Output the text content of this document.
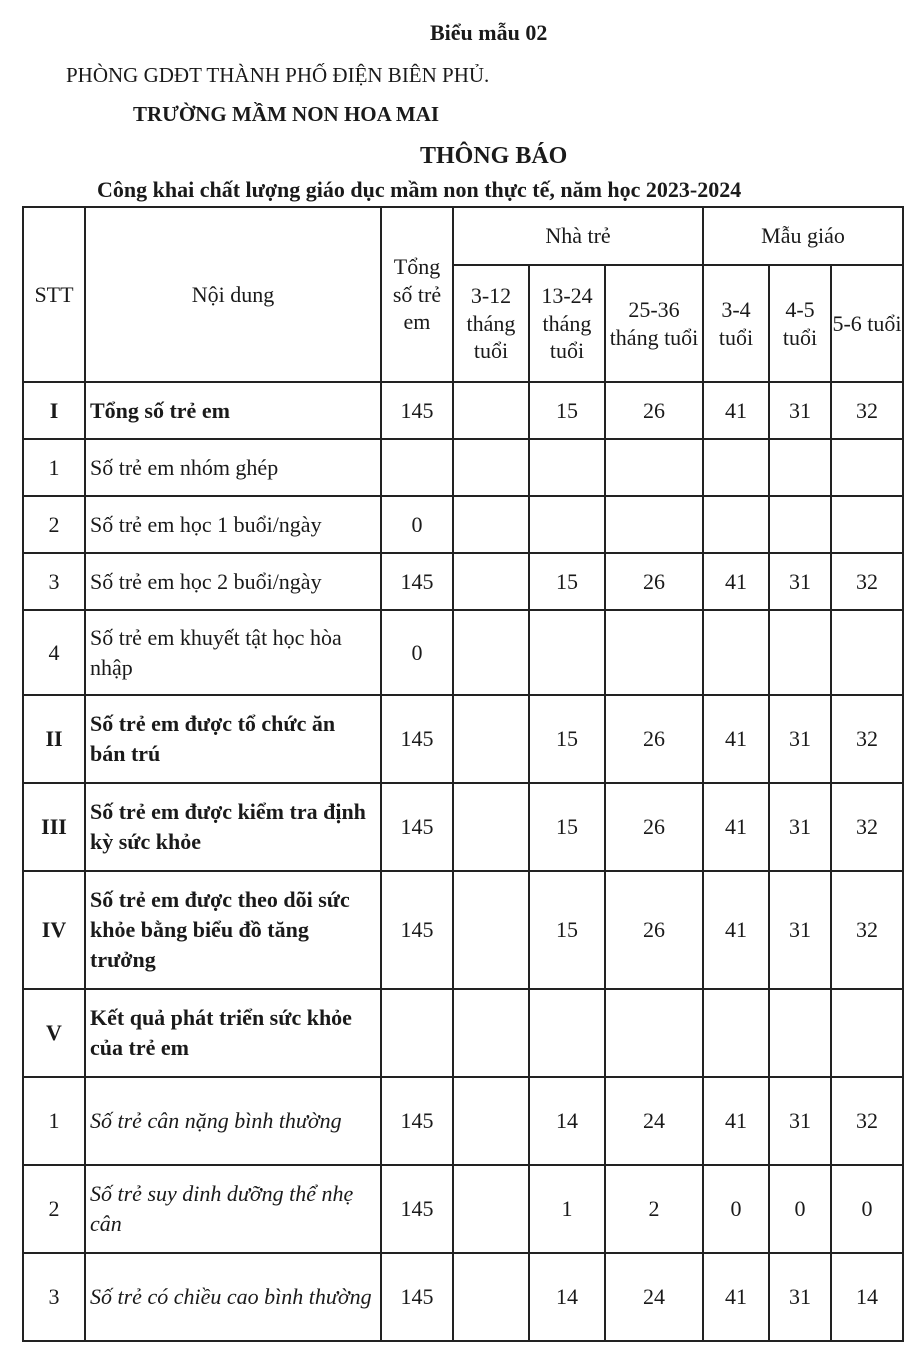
Biểu mẫu 02
PHÒNG GDĐT THÀNH PHỐ ĐIỆN BIÊN PHỦ.
TRƯỜNG MẦM NON HOA MAI
THÔNG BÁO
Công khai chất lượng giáo dục mầm non thực tế, năm học 2023-2024
STT	Nội dung	Tổng số trẻ em	Nhà trẻ			Mẫu giáo		
			3-12 tháng tuổi	13-24 tháng tuổi	25-36 tháng tuổi	3-4 tuổi	4-5 tuổi	5-6 tuổi
I	Tổng số trẻ em	145		15	26	41	31	32
1	Số trẻ em nhóm ghép							
2	Số trẻ em học 1 buổi/ngày	0						
3	Số trẻ em học 2 buổi/ngày	145		15	26	41	31	32
4	Số trẻ em khuyết tật học hòa nhập	0						
II	Số trẻ em được tổ chức ăn bán trú	145		15	26	41	31	32
III	Số trẻ em được kiểm tra định kỳ sức khỏe	145		15	26	41	31	32
IV	Số trẻ em được theo dõi sức khỏe bằng biểu đồ tăng trưởng	145		15	26	41	31	32
V	Kết quả phát triển sức khỏe của trẻ em							
1	Số trẻ cân nặng bình thường	145		14	24	41	31	32
2	Số trẻ suy dinh dưỡng thể nhẹ cân	145		1	2	0	0	0
3	Số trẻ có chiều cao bình thường	145		14	24	41	31	14
